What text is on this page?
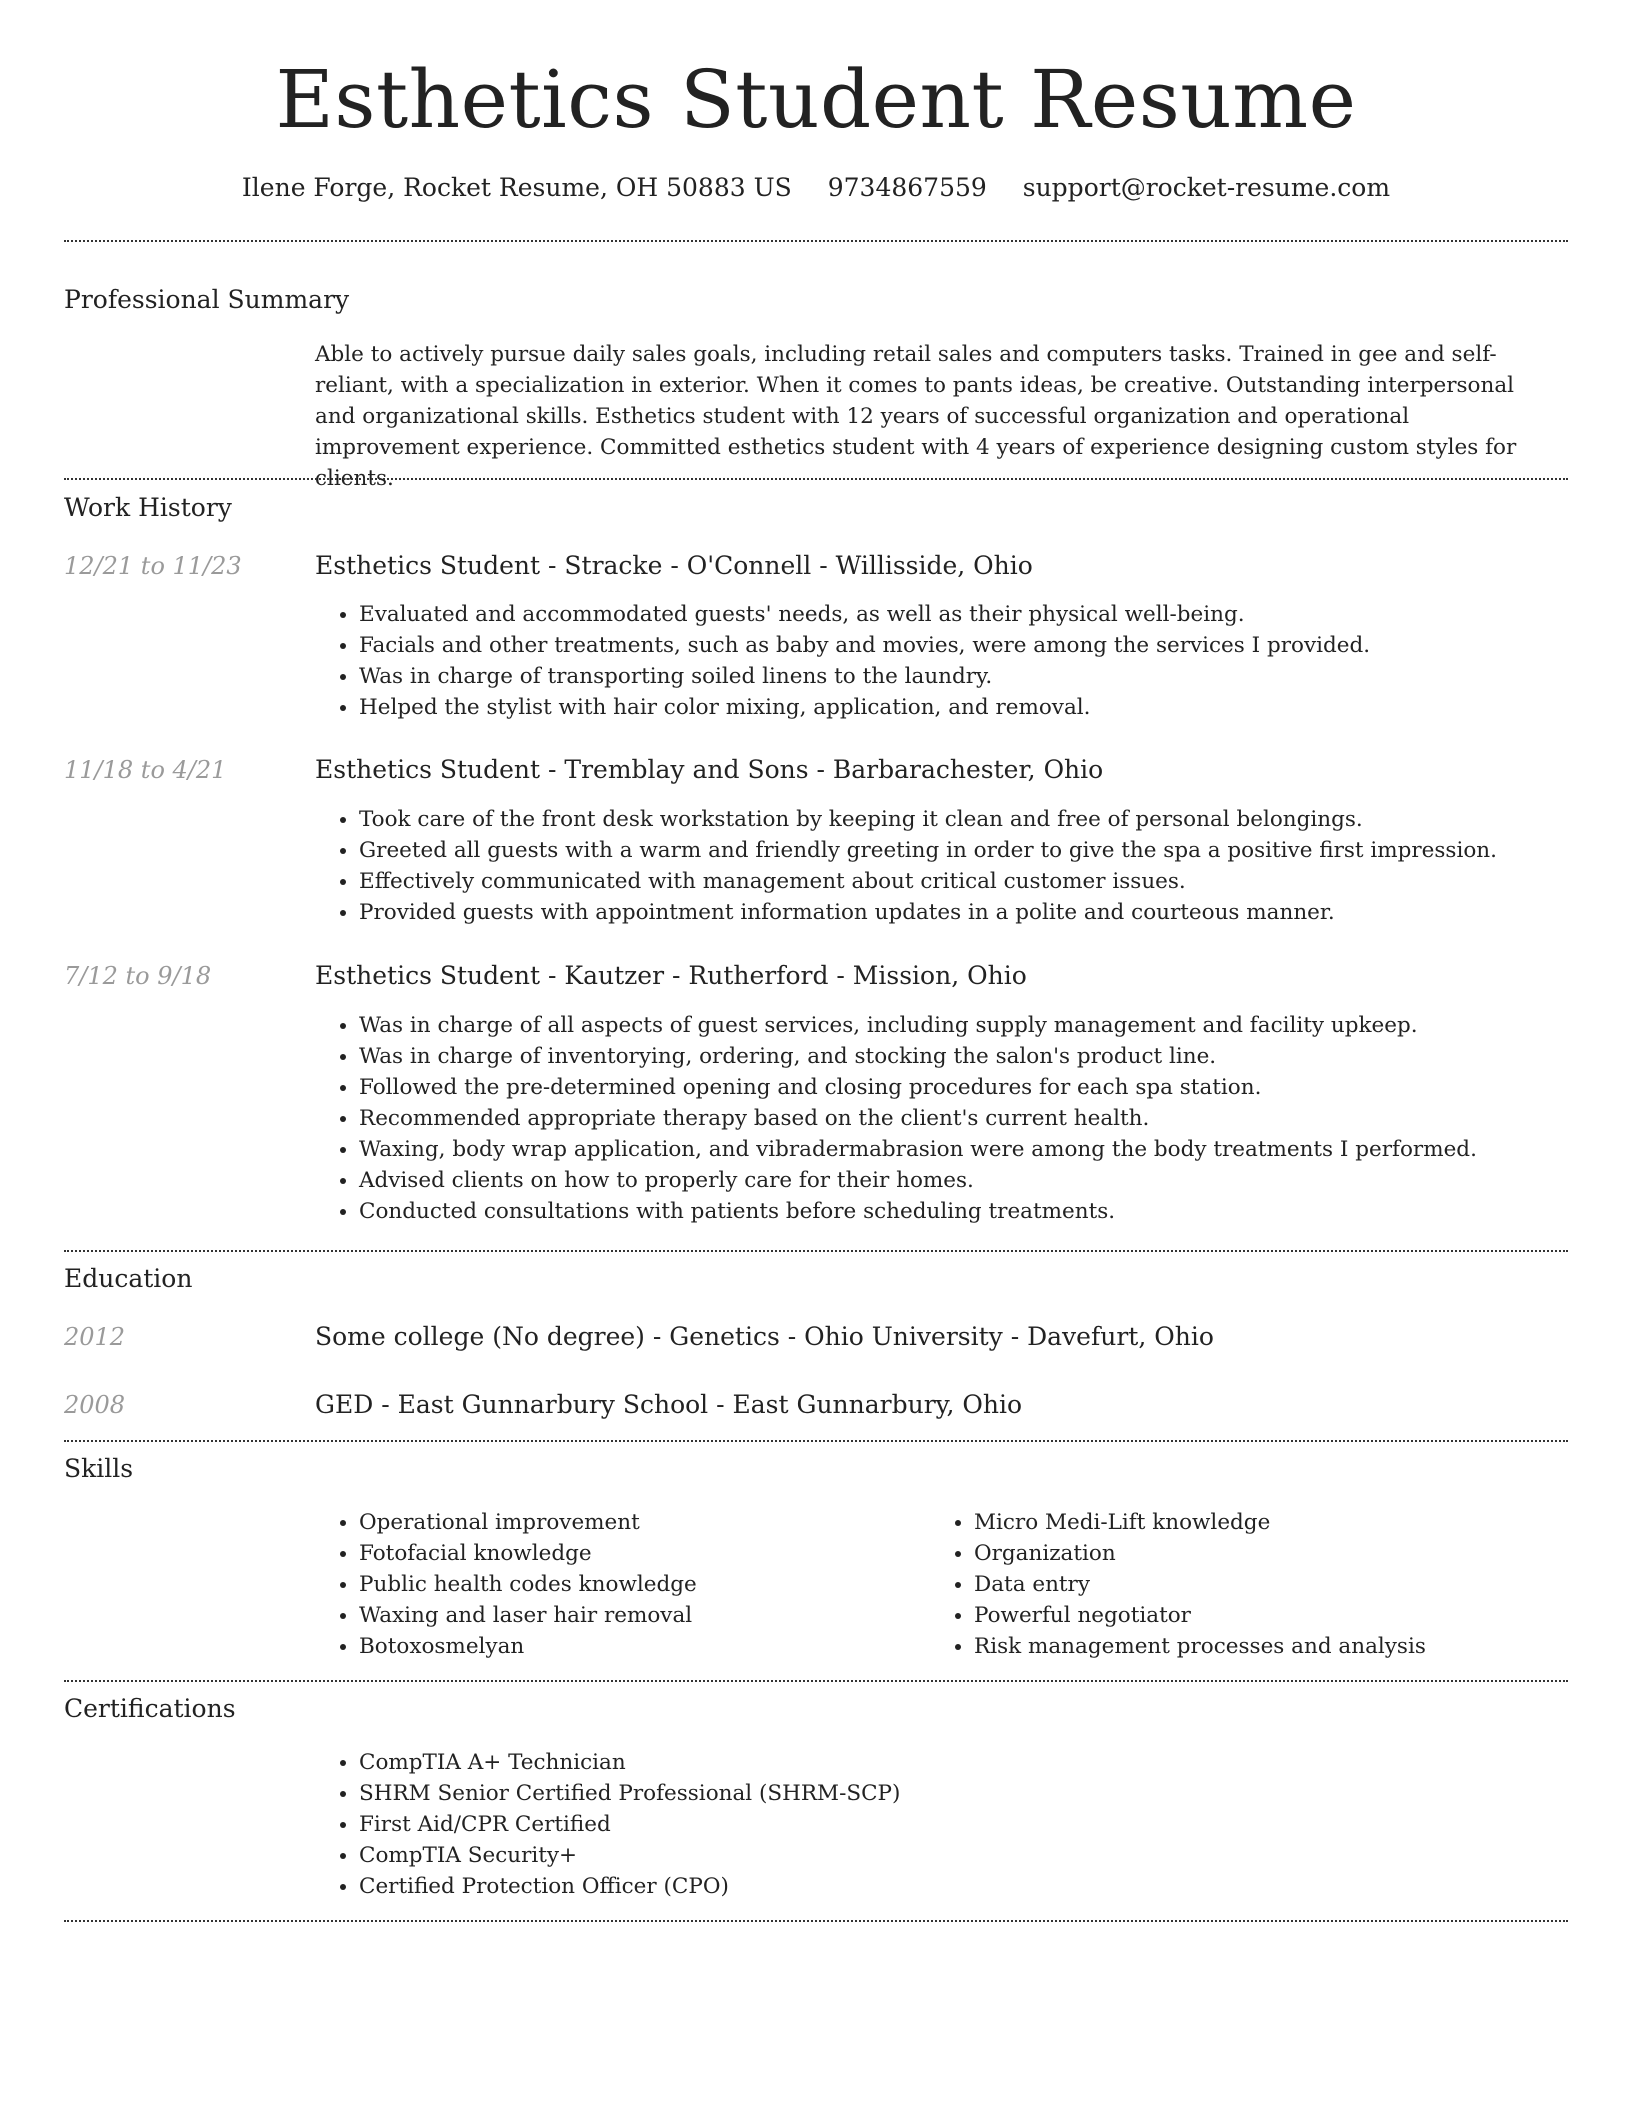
Esthetics Student Resume
Ilene Forge, Rocket Resume, OH 50883 US 9734867559 support@rocket-resume.com
Professional Summary
Able to actively pursue daily sales goals, including retail sales and computers tasks. Trained in gee and self-reliant, with a specialization in exterior. When it comes to pants ideas, be creative. Outstanding interpersonal and organizational skills. Esthetics student with 12 years of successful organization and operational improvement experience. Committed esthetics student with 4 years of experience designing custom styles for clients.
Work History
12/21 to 11/23	Esthetics Student - Stracke - O'Connell - Willisside, Ohio
• Evaluated and accommodated guests' needs, as well as their physical well-being.
• Facials and other treatments, such as baby and movies, were among the services I provided.
• Was in charge of transporting soiled linens to the laundry.
• Helped the stylist with hair color mixing, application, and removal.
11/18 to 4/21	Esthetics Student - Tremblay and Sons - Barbarachester, Ohio
• Took care of the front desk workstation by keeping it clean and free of personal belongings.
• Greeted all guests with a warm and friendly greeting in order to give the spa a positive first impression.
• Effectively communicated with management about critical customer issues.
• Provided guests with appointment information updates in a polite and courteous manner.
7/12 to 9/18	Esthetics Student - Kautzer - Rutherford - Mission, Ohio
• Was in charge of all aspects of guest services, including supply management and facility upkeep.
• Was in charge of inventorying, ordering, and stocking the salon's product line.
• Followed the pre-determined opening and closing procedures for each spa station.
• Recommended appropriate therapy based on the client's current health.
• Waxing, body wrap application, and vibradermabrasion were among the body treatments I performed.
• Advised clients on how to properly care for their homes.
• Conducted consultations with patients before scheduling treatments.
Education
2012	Some college (No degree) - Genetics - Ohio University - Davefurt, Ohio
2008	GED - East Gunnarbury School - East Gunnarbury, Ohio
Skills
• Operational improvement
• Fotofacial knowledge
• Public health codes knowledge
• Waxing and laser hair removal
• Botoxosmelyan
• Micro Medi-Lift knowledge
• Organization
• Data entry
• Powerful negotiator
• Risk management processes and analysis
Certifications
• CompTIA A+ Technician
• SHRM Senior Certified Professional (SHRM-SCP)
• First Aid/CPR Certified
• CompTIA Security+
• Certified Protection Officer (CPO)
